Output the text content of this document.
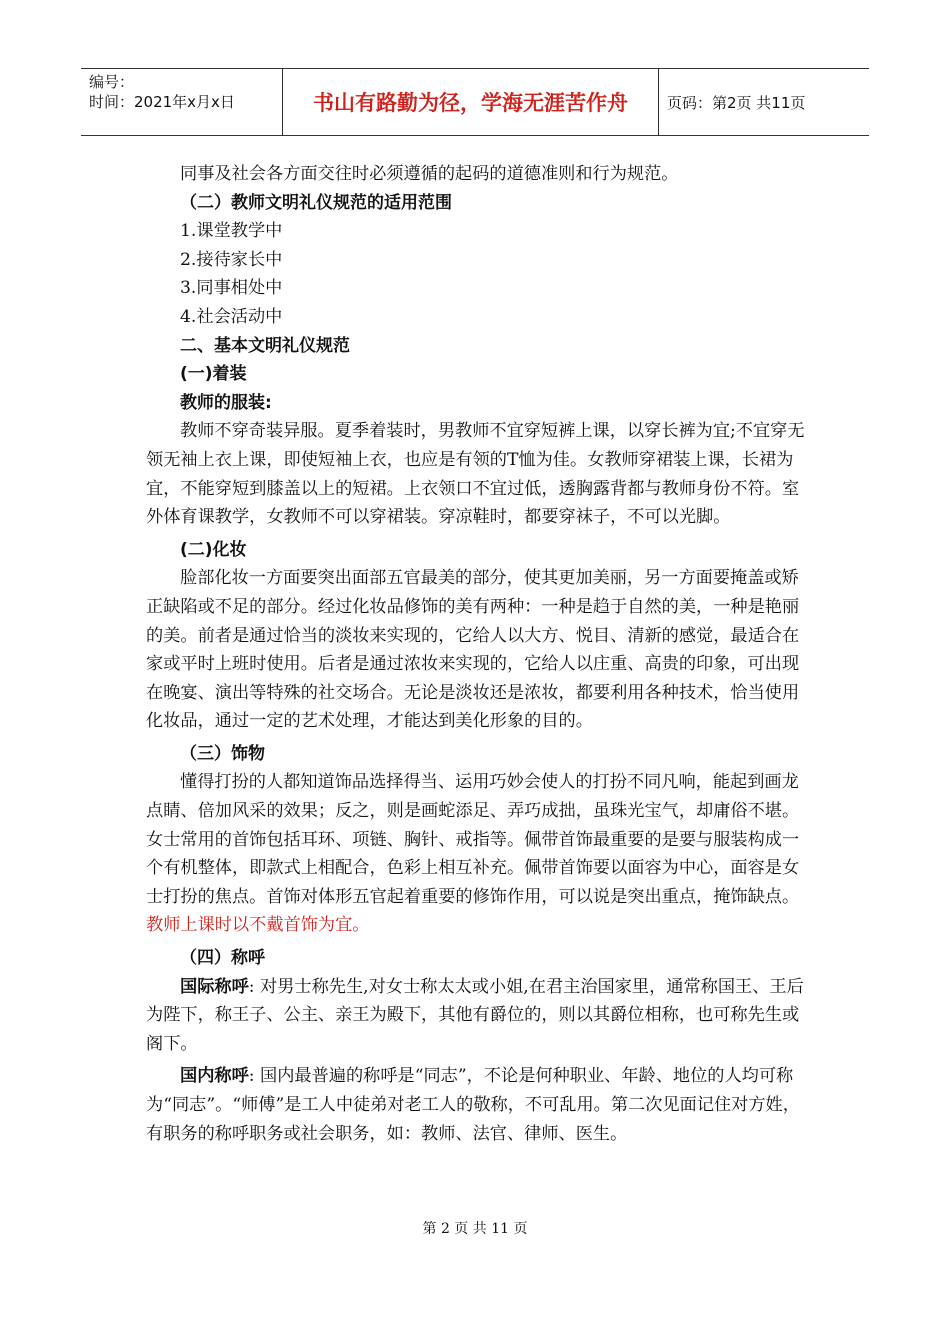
编号：
时间：2021年x月x日	书山有路勤为径，学海无涯苦作舟	页码：第2页 共11页

同事及社会各方面交往时必须遵循的起码的道德准则和行为规范。

（二）教师文明礼仪规范的适用范围

1.课堂教学中

2.接待家长中

3.同事相处中

4.社会活动中

二、基本文明礼仪规范

(一)着装

教师的服装:

教师不穿奇装异服。夏季着装时，男教师不宜穿短裤上课，以穿长裤为宜;不宜穿无领无袖上衣上课，即使短袖上衣，也应是有领的T恤为佳。女教师穿裙装上课，长裙为宜，不能穿短到膝盖以上的短裙。上衣领口不宜过低，透胸露背都与教师身份不符。室外体育课教学，女教师不可以穿裙装。穿凉鞋时，都要穿袜子，不可以光脚。

(二)化妆

脸部化妆一方面要突出面部五官最美的部分，使其更加美丽，另一方面要掩盖或矫正缺陷或不足的部分。经过化妆品修饰的美有两种：一种是趋于自然的美，一种是艳丽的美。前者是通过恰当的淡妆来实现的，它给人以大方、悦目、清新的感觉，最适合在家或平时上班时使用。后者是通过浓妆来实现的，它给人以庄重、高贵的印象，可出现在晚宴、演出等特殊的社交场合。无论是淡妆还是浓妆，都要利用各种技术，恰当使用化妆品，通过一定的艺术处理，才能达到美化形象的目的。

（三）饰物

懂得打扮的人都知道饰品选择得当、运用巧妙会使人的打扮不同凡响，能起到画龙点睛、倍加风采的效果；反之，则是画蛇添足、弄巧成拙，虽珠光宝气，却庸俗不堪。女士常用的首饰包括耳环、项链、胸针、戒指等。佩带首饰最重要的是要与服装构成一个有机整体，即款式上相配合，色彩上相互补充。佩带首饰要以面容为中心，面容是女士打扮的焦点。首饰对体形五官起着重要的修饰作用，可以说是突出重点，掩饰缺点。教师上课时以不戴首饰为宜。

（四）称呼

国际称呼: 对男士称先生,对女士称太太或小姐,在君主治国家里，通常称国王、王后为陛下，称王子、公主、亲王为殿下，其他有爵位的，则以其爵位相称，也可称先生或阁下。

国内称呼: 国内最普遍的称呼是“同志”，不论是何种职业、年龄、地位的人均可称为“同志”。“师傅”是工人中徒弟对老工人的敬称，不可乱用。第二次见面记住对方姓，有职务的称呼职务或社会职务，如：教师、法官、律师、医生。

第 2 页 共 11 页
